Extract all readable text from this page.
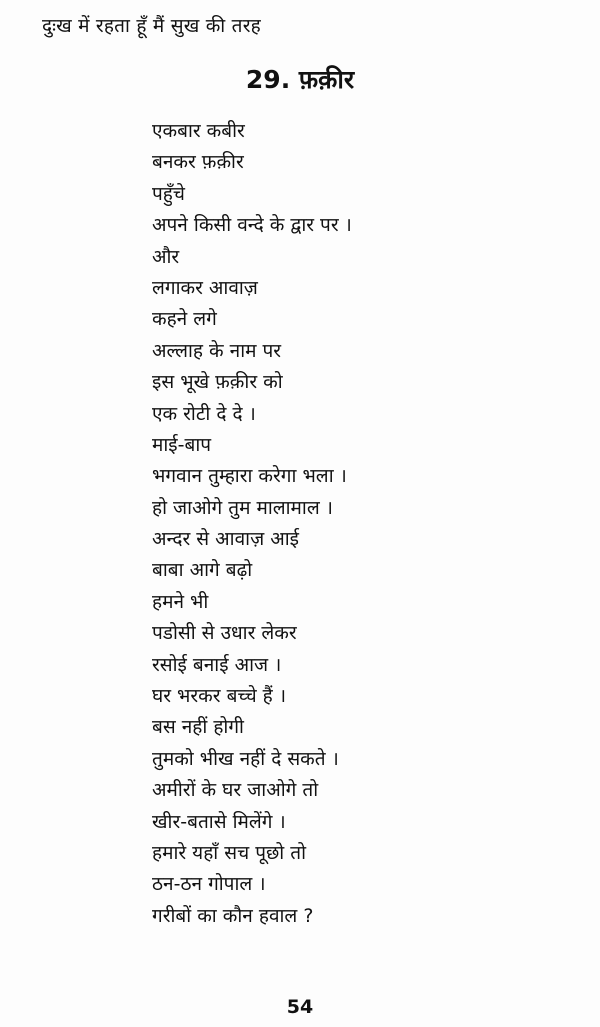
दुःख में रहता हूँ मैं सुख की तरह
29. फ़क़ीर
एकबार कबीर
बनकर फ़क़ीर
पहुँचे
अपने किसी वन्दे के द्वार पर ।
और
लगाकर आवाज़
कहने लगे
अल्लाह के नाम पर
इस भूखे फ़क़ीर को
एक रोटी दे दे ।
माई-बाप
भगवान तुम्हारा करेगा भला ।
हो जाओगे तुम मालामाल ।
अन्दर से आवाज़ आई
बाबा आगे बढ़ो
हमने भी
पडोसी से उधार लेकर
रसोई बनाई आज ।
घर भरकर बच्चे हैं ।
बस नहीं होगी
तुमको भीख नहीं दे सकते ।
अमीरों के घर जाओगे तो
खीर-बतासे मिलेंगे ।
हमारे यहाँ सच पूछो तो
ठन-ठन गोपाल ।
गरीबों का कौन हवाल ?
54
